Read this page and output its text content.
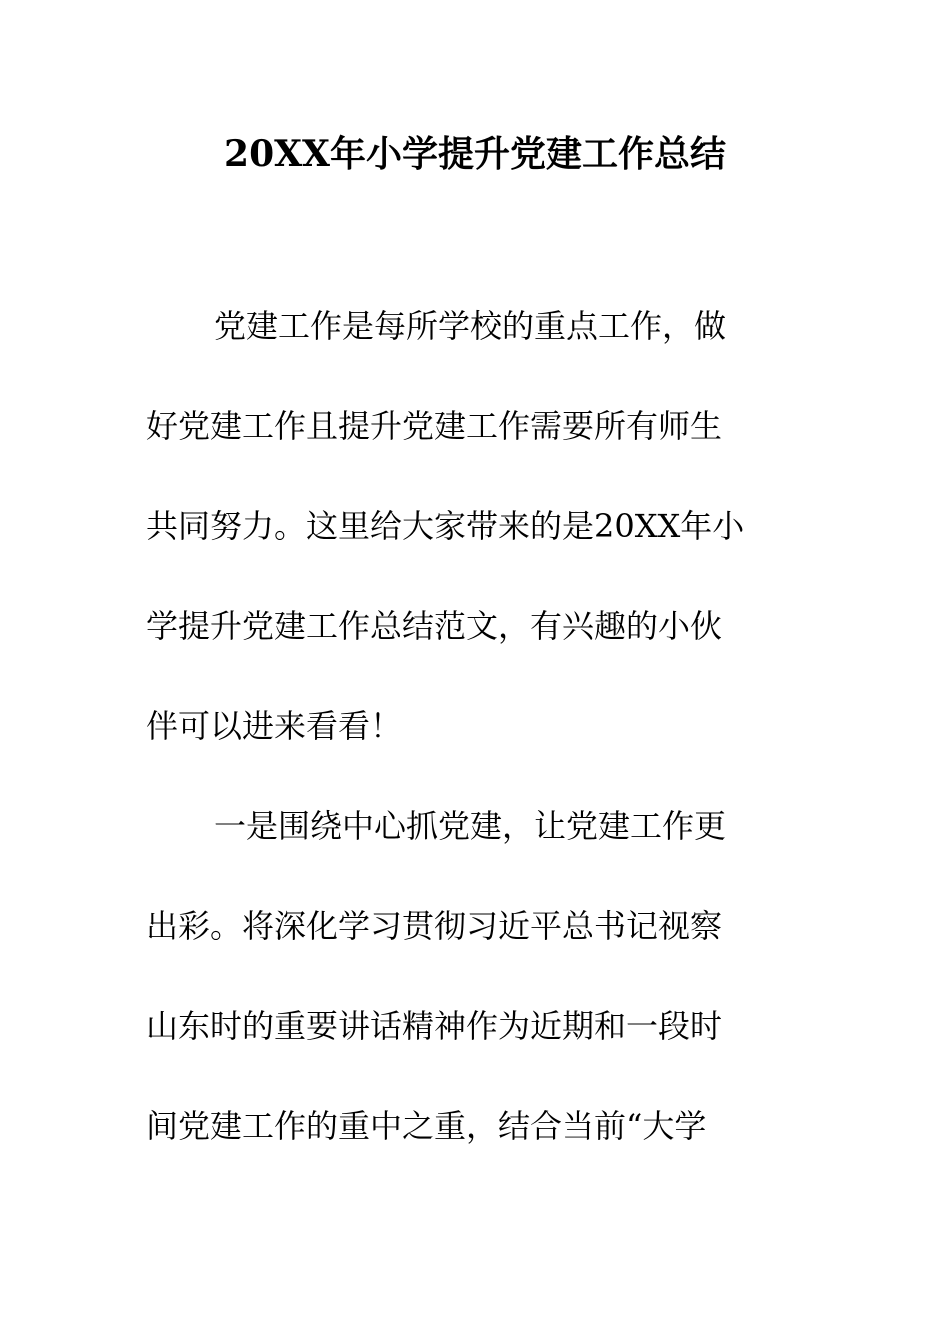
20XX年小学提升党建工作总结

党建工作是每所学校的重点工作，做

好党建工作且提升党建工作需要所有师生

共同努力。这里给大家带来的是20XX年小

学提升党建工作总结范文，有兴趣的小伙

伴可以进来看看！

一是围绕中心抓党建，让党建工作更

出彩。将深化学习贯彻习近平总书记视察

山东时的重要讲话精神作为近期和一段时

间党建工作的重中之重，结合当前“大学
